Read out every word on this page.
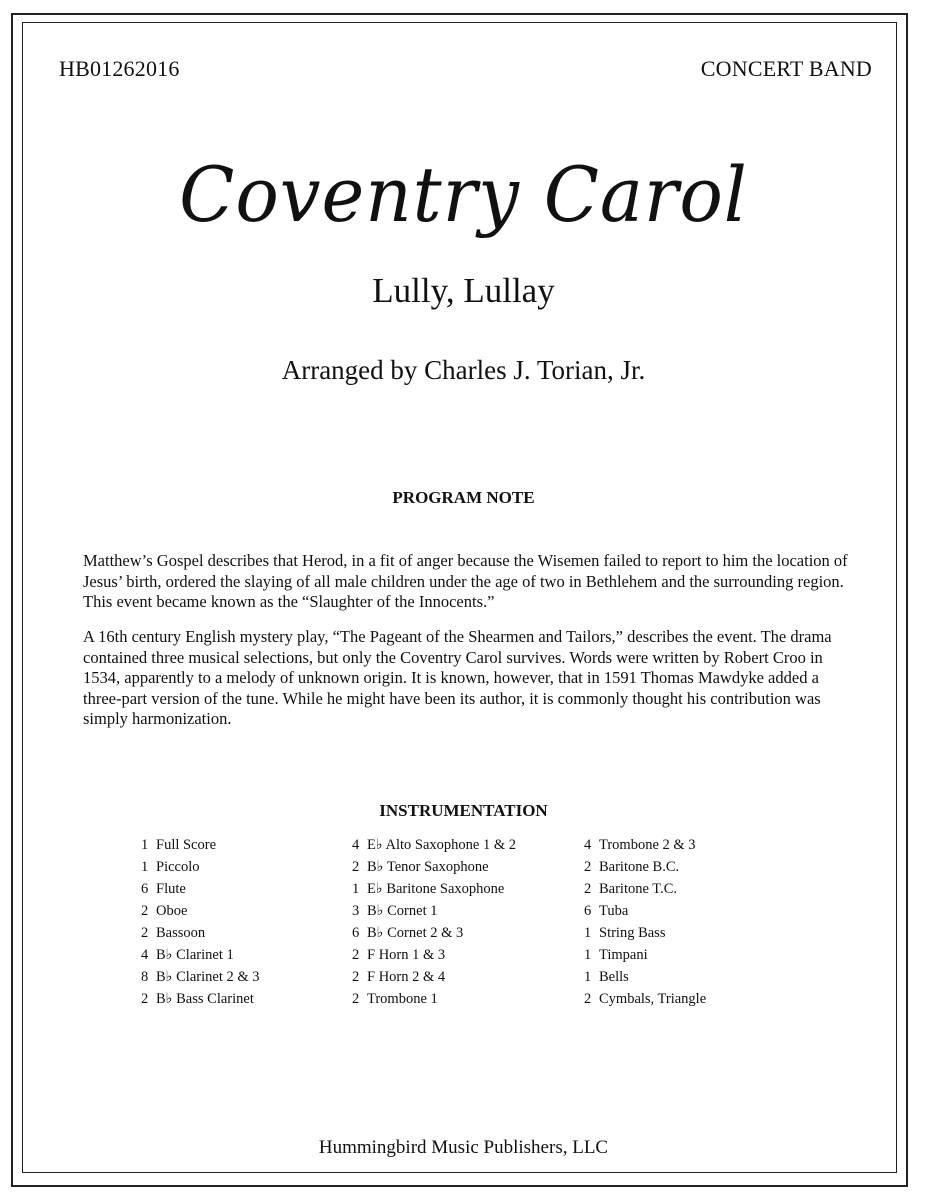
HB01262016	CONCERT BAND
Coventry Carol
Lully, Lullay
Arranged by Charles J. Torian, Jr.
PROGRAM NOTE
Matthew’s Gospel describes that Herod, in a fit of anger because the Wisemen failed to report to him the location of Jesus’ birth, ordered the slaying of all male children under the age of two in Bethlehem and the surrounding region. This event became known as the “Slaughter of the Innocents.”
A 16th century English mystery play, “The Pageant of the Shearmen and Tailors,” describes the event. The drama contained three musical selections, but only the Coventry Carol survives. Words were written by Robert Croo in 1534, apparently to a melody of unknown origin. It is known, however, that in 1591 Thomas Mawdyke added a three-part version of the tune. While he might have been its author, it is commonly thought his contribution was simply harmonization.
INSTRUMENTATION
1 Full Score
1 Piccolo
6 Flute
2 Oboe
2 Bassoon
4 B♭ Clarinet 1
8 B♭ Clarinet 2 & 3
2 B♭ Bass Clarinet
4 E♭ Alto Saxophone 1 & 2
2 B♭ Tenor Saxophone
1 E♭ Baritone Saxophone
3 B♭ Cornet 1
6 B♭ Cornet 2 & 3
2 F Horn 1 & 3
2 F Horn 2 & 4
2 Trombone 1
4 Trombone 2 & 3
2 Baritone B.C.
2 Baritone T.C.
6 Tuba
1 String Bass
1 Timpani
1 Bells
2 Cymbals, Triangle
Hummingbird Music Publishers, LLC
